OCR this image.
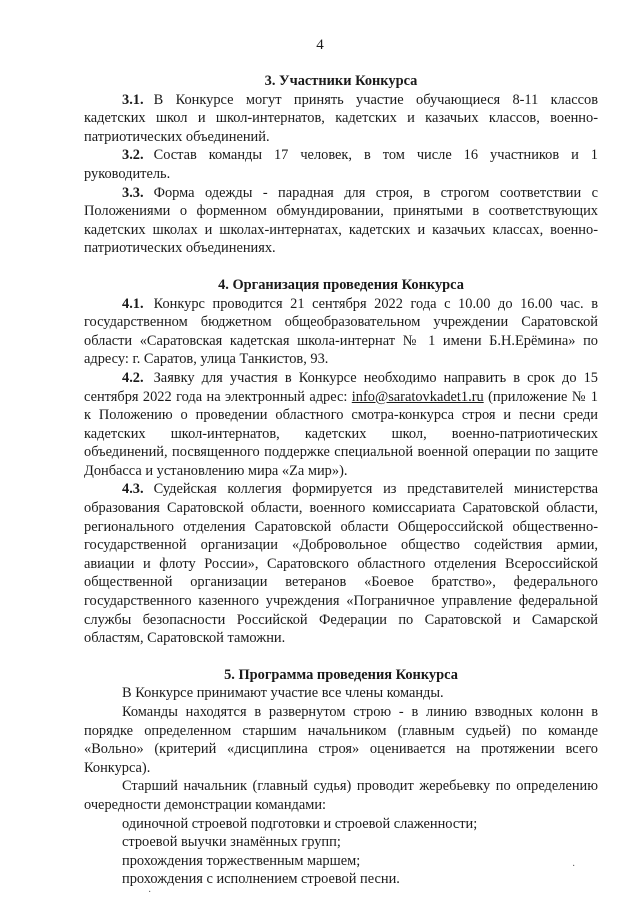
4

3. Участники Конкурса

3.1. В Конкурсе могут принять участие обучающиеся 8-11 классов кадетских школ и школ-интернатов, кадетских и казачьих классов, военно-патриотических объединений.

3.2. Состав команды 17 человек, в том числе 16 участников и 1 руководитель.

3.3. Форма одежды - парадная для строя, в строгом соответствии с Положениями о форменном обмундировании, принятыми в соответствующих кадетских школах и школах-интернатах, кадетских и казачьих классах, военно-патриотических объединениях.

4. Организация проведения Конкурса

4.1. Конкурс проводится 21 сентября 2022 года с 10.00 до 16.00 час. в государственном бюджетном общеобразовательном учреждении Саратовской области «Саратовская кадетская школа-интернат № 1 имени Б.Н.Ерёмина» по адресу: г. Саратов, улица Танкистов, 93.

4.2. Заявку для участия в Конкурсе необходимо направить в срок до 15 сентября 2022 года на электронный адрес: info@saratovkadet1.ru (приложение № 1 к Положению о проведении областного смотра-конкурса строя и песни среди кадетских школ-интернатов, кадетских школ, военно-патриотических объединений, посвященного поддержке специальной военной операции по защите Донбасса и установлению мира «Za мир»).

4.3. Судейская коллегия формируется из представителей министерства образования Саратовской области, военного комиссариата Саратовской области, регионального отделения Саратовской области Общероссийской общественно-государственной организации «Добровольное общество содействия армии, авиации и флоту России», Саратовского областного отделения Всероссийской общественной организации ветеранов «Боевое братство», федерального государственного казенного учреждения «Пограничное управление федеральной службы безопасности Российской Федерации по Саратовской и Самарской областям, Саратовской таможни.

5. Программа проведения Конкурса

В Конкурсе принимают участие все члены команды.

Команды находятся в развернутом строю - в линию взводных колонн в порядке определенном старшим начальником (главным судьей) по команде «Вольно» (критерий «дисциплина строя» оценивается на протяжении всего Конкурса).

Старший начальник (главный судья) проводит жеребьевку по определению очередности демонстрации командами:

одиночной строевой подготовки и строевой слаженности;

строевой выучки знамённых групп;

прохождения торжественным маршем;

прохождения с исполнением строевой песни.

·
·
